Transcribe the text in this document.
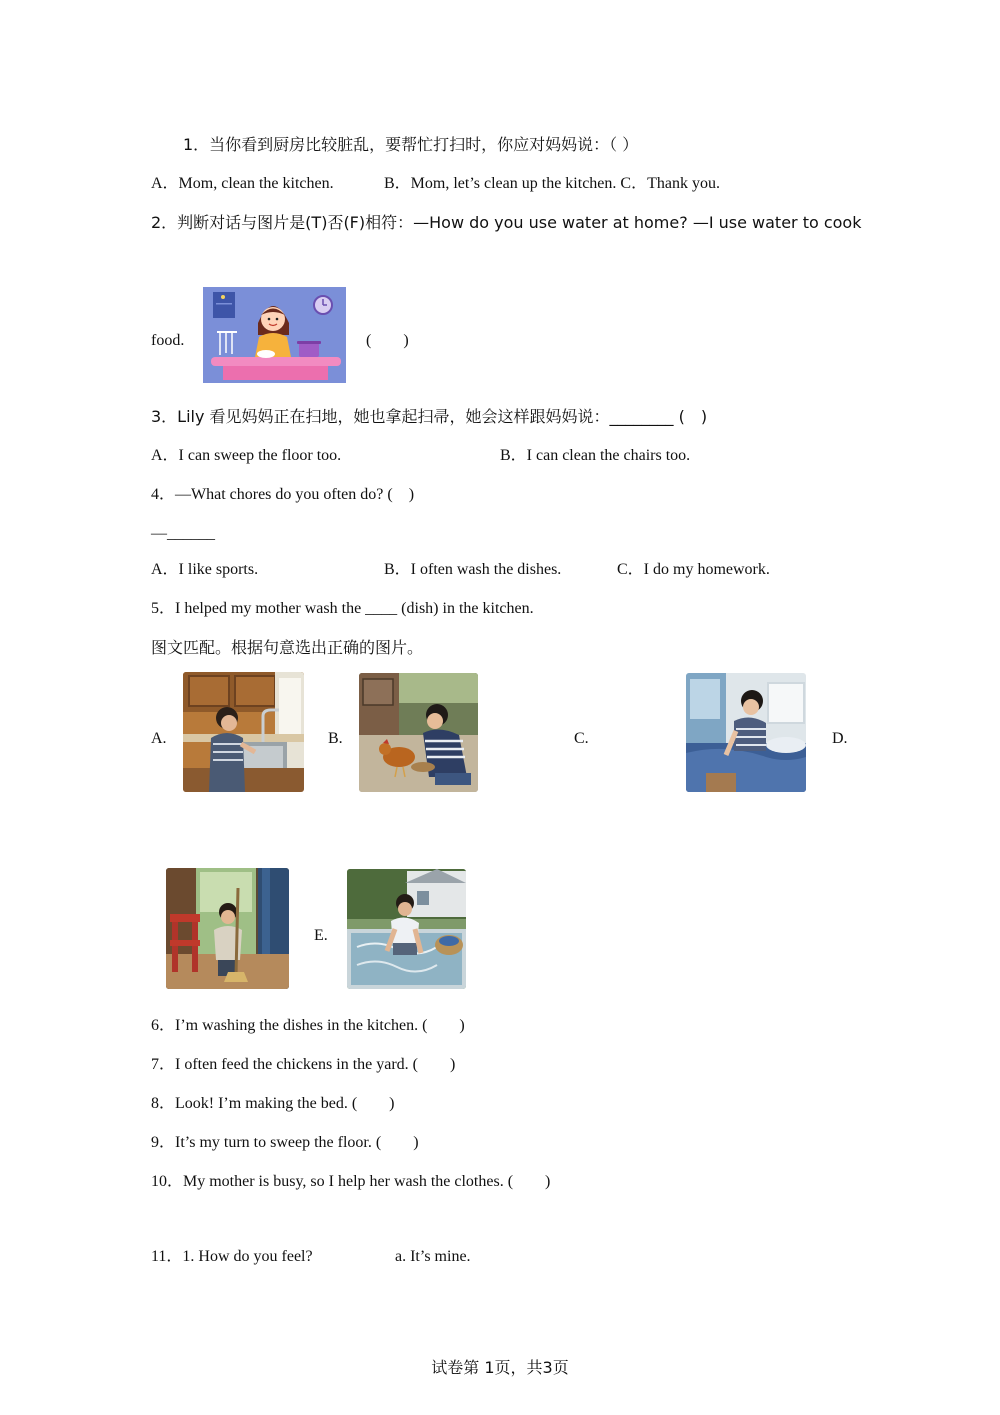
1．当你看到厨房比较脏乱，要帮忙打扫时，你应对妈妈说：（ ）
A．Mom, clean the kitchen.	B．Mom, let’s clean up the kitchen. C．Thank you.
2．判断对话与图片是(T)否(F)相符：—How do you use water at home? —I use water to cook
food.	(　　)
3．Lily 看见妈妈正在扫地，她也拿起扫帚，她会这样跟妈妈说：________ (　)
A．I can sweep the floor too.	B．I can clean the chairs too.
4．—What chores do you often do? (　)
—______
A．I like sports.	B．I often wash the dishes.	C．I do my homework.
5．I helped my mother wash the ____ (dish) in the kitchen.
图文匹配。根据句意选出正确的图片。
A.	B.	C.	D.
E.
6．I’m washing the dishes in the kitchen. (　　)
7．I often feed the chickens in the yard. (　　)
8．Look! I’m making the bed. (　　)
9．It’s my turn to sweep the floor. (　　)
10．My mother is busy, so I help her wash the clothes. (　　)
11．1. How do you feel?	a. It’s mine.
试卷第 1页，共3页
